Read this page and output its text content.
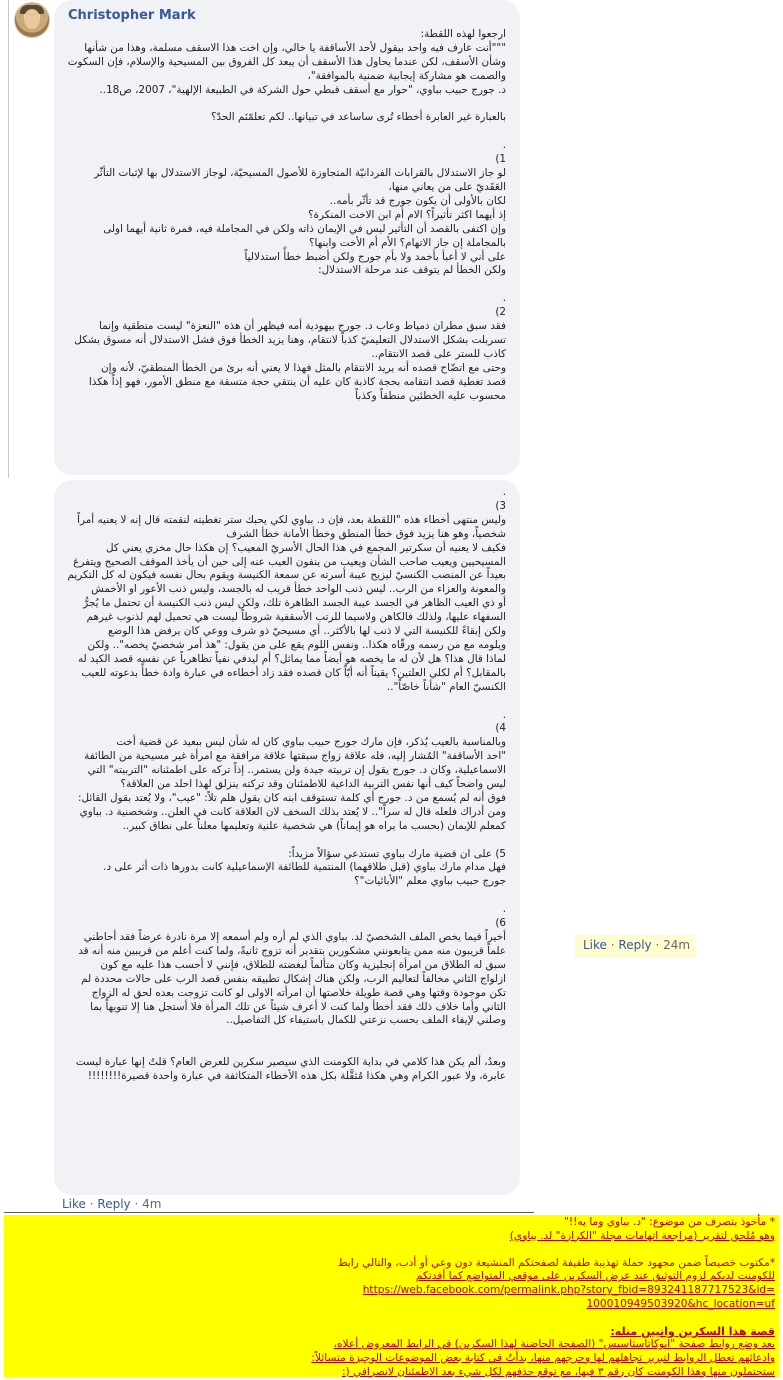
Christopher Mark

ارجعوا لهذه اللقطة:

"""أنت عارف فيه واحد بيقول لأحد الأساقفة يا خالي، وإن اخت هذا الاسقف مسلمة، وهذا من شأنها

وشأن الأسقف، لكن عندما يحاول هذا الأسقف أن يبعد كل الفروق بين المسيحية والإسلام، فإن السكوت

والصمت هو مشاركة إيجابية ضمنية بالموافقة"،

د. جورج حبيب بباوي، "حوار مع أسقف قبطي حول الشركة في الطبيعة الإلهية"، 2007، ص18..

بالعبارة غير العابرة أخطاء تُرى ساساعد في تبيانها.. لكم تعلمّنَم الحدّ؟

.

1)

لو جاز الاستدلال بالقرابات الفردانيّة المتجاوزة للأصول المسيحيّة، لوجاز الاستدلال بها لإثبات التأثّر

العَقَديّ على من يعاني منها،

لكان بالأولى أن يكون جورج قد تأثّر بأمه..

إذ أيهما اكثر تأثيراً؟ الام أم ابن الاخت المنكرة؟

وإن اكتفى بالقصد أن التأثير ليس في الإيمان ذاته ولكن في المجاملة فيه، فمرة ثانية أيهما اولى

بالمجاملة إن جاز الاتهام؟ الأم أم الأخت وابنها؟

على أني لا أعبأ بأخمد ولا بأم جورج ولكن أضبط خطأً استدلالياً

ولكن الخطأ لم يتوقف عند مرحلة الاستدلال:

.

2)

فقد سبق مطران دمياط وعاب د. جورج بيهودية أمه فيظهر أن هذه "النعزة" ليست منطقية وإنما

تسربلت بشكل الاستدلال التعليميّ كذباً لانتقام، وهنا يزيد الخطأ فوق فشل الاستدلال أنه مسوق بشكل

كاذب للستر على قصد الانتقام..

وحتى مع اتضّاح قصده أنه يريد الانتقام بالمثل فهذا لا يعني أنه برئ من الخطأ المنطقيّ، لأنه وإن

قصد تغطية قصد انتقامه بحجة كاذبة كان عليه أن ينتقي حجة متسقة مع منطق الأمور، فهو إذاً هكذا

محسوب عليه الخطئين منطقاً وكذباً

.

3)

وليس منتهى أخطاء هذه "اللقطة بعد، فإن د. بباوي لكي يحبك ستر تغطيته لنقمته قال إنه لا يعنيه أمراً

شخصياً، وهو هنا يزيد فوق خطأ المنطق وخطأ الأمانة خطأ الشرف

فكيف لا يعنيه أن سكرتير المجمع في هذا الحال الأسريّ المعيب؟ إن هكذا حال مخزي يعني كل

المسيحيين ويعيب صاحب الشأن ويعيب من ينفون العيب عنه إلى حين أن يأخذ الموقف الصحيح ويتفرغ

بعيداً عن المنصب الكنسيّ ليزيح عيبة أسرته عن سمعة الكنيسة ويقوم بحال نفسه فيكون له كل التكريم

والمعونة والعزاء من الرب.. ليس ذنب الواحد خطأ قريب له بالجسد، وليس ذنب الأعور او الأخمش

أو ذي العيب الظاهر في الجسد عيبة الجسد الظاهرة تلك، ولكن ليس ذنب الكنيسة أن تحتمل ما يُجرُّ

السفهاء عليها، ولذلك فالكاهن ولاسيما للرتب الأسقفية شروطاً ليست هي تحميل لهم لذنوب غيرهم

ولكن إبقاءً للكنيسة التي لا ذنب لها بالأكثر.. أي مسيحيّ ذو شرف ووعي كان يرفض هذا الوضع

ويلومه مع من رسمه ورقّاه هكذا.. ونفس اللوم يقع على من يقول: "هذ أمر شخصيّ يخصه".. ولكن

لماذا قال هذا؟ هل لأن له ما يخصه هو أيضاً مما يماثل؟ أم ليدفي نفياً تظاهرياً عن نفسه قصد الكيد له

بالمقابل؟ أم لكلي العلتين؟ يقيناً أنه أيّاً كان قصده فقد زاد أخطاءه في عبارة وادة خطأً بدعوته للعيب

الكنسيّ العام "شأناً خاصّاً"..

.

4)

وبالمناسبة بالعيب يُذكر، فإن مارك جورج حبيب بباوي كان له شأن ليس ببعيد عن قضية أخت

"احد الأساقفة" المُشار إليه، فله علاقة زواج سبقتها علاقة مرافقة مع امرأة غير مسيحية من الطائفة

الاسماعيلية، وكان د. جورج يقول إن تربيته جيدة ولن يستمر.. إذاً تركه على اطمئنانه "التربيته" التي

ليس واضحاً كيف أنها نفس التربية الداعية للاطمئنان وقد تركته ينزلق لهذا احلد من العلاقة؟

فوق أنه لم يُسمع من د. جورج أي كلمة تستوقف ابنه كان يقول هلم تلاً: "عيب"، ولا يُعتد بقول القائل:

ومن أدراك فلعله قال له سراً".. لا يُعتد بذلك السخف لان العلاقة كانت في العلن.. وشخصنية د. بباوي

كمعلم للإيمان (بحسب ما يراه هو إيماناً) هي شخصية علنية وتعليمها معلناً على نطاق كبير..

5) على ان قضية مارك بباوي تستدعي سؤالاً مزيداً:

فهل مدام مارك بباوي (قبل طلاقهما) المنتمية للطائفة الإسماعيلية كانت بدورها ذات أثر على د.

جورج حبيب بباوي معلم "الأبائيات"؟

.

6)

أخيراً فيما يخص الملف الشخصيّ لد. بباوي الذي لم أره ولم أسمعه إلا مرة نادرة عرضاً فقد أحاطني

علماً قريبون منه ممن يتابعونني مشكورين بتقدير أنه تزوج ثانيةً، ولما كنت أعلم من قريبين منه أنه قد

سبق له الطلاق من امرأة إنجليزية وكان متألماً لبغضته للطلاق، فإنني لا أحسب هذا عليه مع كون

ازلواج الثاني مخالفاً لتعاليم الرب، ولكن هناك إشكال تطبيقه بنفس قصد الرب على حالات محددة لم

تكن موجودة وقتها وهي قصة طويلة خلاصتها أن امرأته الاولى لو كانت تزوجت بعده لحق له الزواج

الثاني وأما خلاف ذلك فقد أخطأ ولما كنت لا أعرف شيئاً عن تلك المرأة فلا أستجل هنا إلا تنويهاً بما

وصلني لإيفاء الملف بحسب نزعتي للكمال باستيفاء كل التفاصيل..

وبعدُ، ألم يكن هذا كلامي في بداية الكومنت الذي سيصير سكرين للعرض العام؟ قلتُ إنها عبارة ليست

عابرة، ولا عبور الكرام وهي هكذا مُثقَّلة بكل هذه الأخطاء المتكاثفة في عبارة واحدة قصيرة!!!!!!!!

Like · Reply · 24m
Like · Reply · 4m

* مأخوذ بتصرف من موضوع: "د. بباوي وما يه!!"

وهو مُلحق لتقرير (مراجعة اتهامات مجلة "الكرازة" لد. بباوي)

*مكتوب خصيصاً ضمن مجهود حملة تهذيبة طفيفة لصفحتكم المنشيعة دون وعي أو أدب، والتالي رابط

للكومنت لديكم لزوم التوثيق عند عرض السكرين على موقعي المتواضع كما أفدتكم

https://web.facebook.com/permalink.php?story_fbid=893241187717523&id=

100010949503920&hc_location=uf

قصة هذا السكرين وانيين منله:

بعد وضع روابط صفحة "ابوكاتاستاسيس" (الصفحة الحاضنة لهذا السكرين) في الرابط المعروض أعلاه،

وادعائهم تعطل الروابط لتبرير تجاهلهم لها وحرجهم منها، بدأتُ في كتابة بعض الموضوعات الوجيزة متسائلاً:

ستحتملون منها وهذا الكومنت كان رقم ٣ فيها، مع توقع حذفهم لكل شيء بعد الاطمئنان لانصرافي (:
